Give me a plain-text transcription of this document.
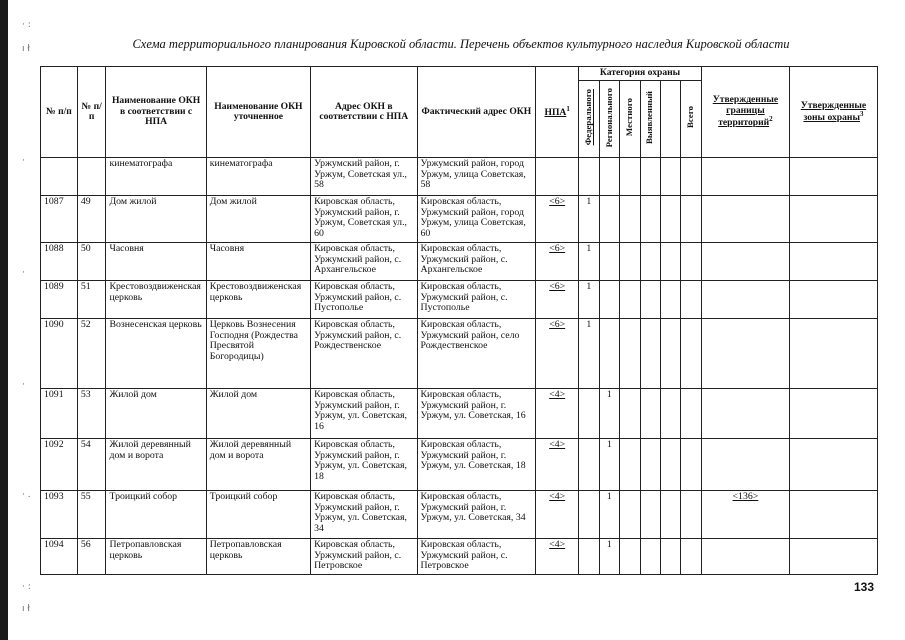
· :
ı ł
·
·
·
· .
· :
ı ł
Схема территориального планирования Кировской области. Перечень объектов культурного наследия Кировской области
№ п/п	№ п/п	Наименование ОКН в соответствии с НПА	Наименование ОКН уточненное	Адрес ОКН в соответствии с НПА	Фактический адрес ОКН	НПА$^1$	Категория охраны						Утвержденные границы территорий$^2$	Утвержденные зоны охраны$^3$
							Федерального	Регионального	Местного	Выявленный		Всего		
		кинематографа	кинематографа	Уржумский район, г. Уржум, Советская ул., 58	Уржумский район, город Уржум, улица Советская, 58									
1087	49	Дом жилой	Дом жилой	Кировская область, Уржумский район, г. Уржум, Советская ул., 60	Кировская область, Уржумский район, город Уржум, улица Советская, 60	<6>	1							
1088	50	Часовня	Часовня	Кировская область, Уржумский район, с. Архангельское	Кировская область, Уржумский район, с. Архангельское	<6>	1							
1089	51	Крестовоздвиженская церковь	Крестовоздвиженская церковь	Кировская область, Уржумский район, с. Пустополье	Кировская область, Уржумский район, с. Пустополье	<6>	1							
1090	52	Вознесенская церковь	Церковь Вознесения Господня (Рождества Пресвятой Богородицы)	Кировская область, Уржумский район, с. Рождественское	Кировская область, Уржумский район, село Рождественское	<6>	1							
1091	53	Жилой дом	Жилой дом	Кировская область, Уржумский район, г. Уржум, ул. Советская, 16	Кировская область, Уржумский район, г. Уржум, ул. Советская, 16	<4>		1						
1092	54	Жилой деревянный дом и ворота	Жилой деревянный дом и ворота	Кировская область, Уржумский район, г. Уржум, ул. Советская, 18	Кировская область, Уржумский район, г. Уржум, ул. Советская, 18	<4>		1						
1093	55	Троицкий собор	Троицкий собор	Кировская область, Уржумский район, г. Уржум, ул. Советская, 34	Кировская область, Уржумский район, г. Уржум, ул. Советская, 34	<4>		1					<136>	
1094	56	Петропавловская церковь	Петропавловская церковь	Кировская область, Уржумский район, с. Петровское	Кировская область, Уржумский район, с. Петровское	<4>		1						
133
